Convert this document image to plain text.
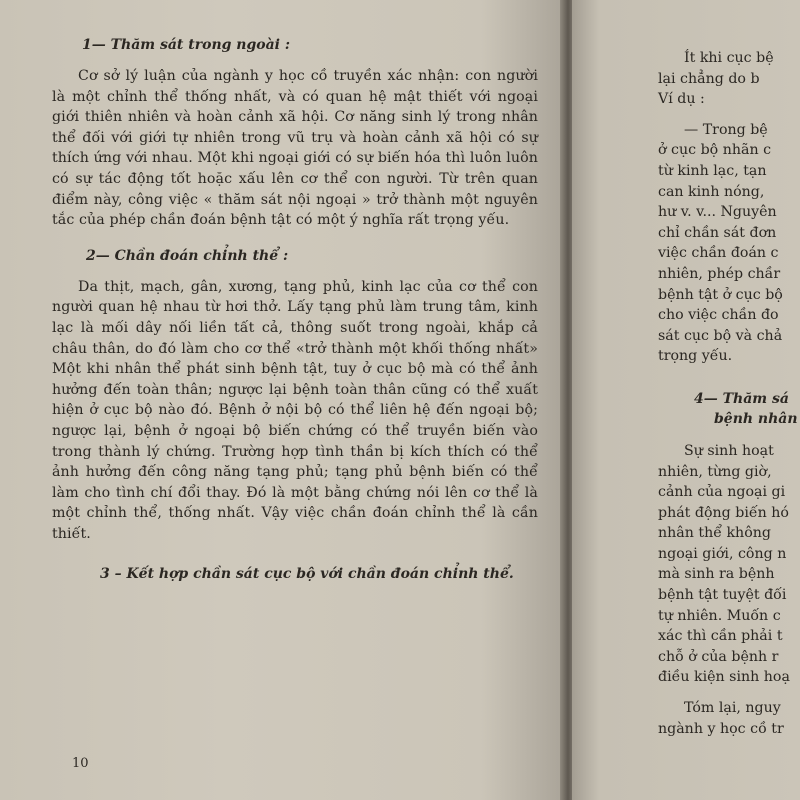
1— Thăm sát trong ngoài :

Cơ sở lý luận của ngành y học cồ truyền xác nhận: con người là một chỉnh thể thống nhất, và có quan hệ mật thiết với ngoại giới thiên nhiên và hoàn cảnh xã hội. Cơ năng sinh lý trong nhân thể đối với giới tự nhiên trong vũ trụ và hoàn cảnh xã hội có sự thích ứng với nhau. Một khi ngoại giới có sự biến hóa thì luôn luôn có sự tác động tốt hoặc xấu lên cơ thể con người. Từ trên quan điểm này, công việc « thăm sát nội ngoại » trở thành một nguyên tắc của phép chần đoán bệnh tật có một ý nghĩa rất trọng yếu.

2— Chần đoán chỉnh thể :

Da thịt, mạch, gân, xương, tạng phủ, kinh lạc của cơ thể con người quan hệ nhau từ hơi thở. Lấy tạng phủ làm trung tâm, kinh lạc là mối dây nối liền tất cả, thông suốt trong ngoài, khắp cả châu thân, do đó làm cho cơ thể «trở thành một khối thống nhất» Một khi nhân thể phát sinh bệnh tật, tuy ở cục bộ mà có thể ảnh hưởng đến toàn thân; ngược lại bệnh toàn thân cũng có thể xuất hiện ở cục bộ nào đó. Bệnh ở nội bộ có thể liên hệ đến ngoại bộ; ngược lại, bệnh ở ngoại bộ biến chứng có thể truyền biến vào trong thành lý chứng. Trường hợp tình thần bị kích thích có thể ảnh hưởng đến công năng tạng phủ; tạng phủ bệnh biến có thể làm cho tình chí đổi thay. Đó là một bằng chứng nói lên cơ thể là một chỉnh thể, thống nhất. Vậy việc chần đoán chỉnh thể là cần thiết.

3 – Kết hợp chần sát cục bộ với chần đoán chỉnh thể.

10

Ít khi cục bệ

lại chẳng do b

Ví dụ :

— Trong bệ

ở cục bộ nhãn c

từ kinh lạc, tạn

can kinh nóng,

hư v. v... Nguyên

chỉ chần sát đơn

việc chần đoán c

nhiên, phép chầr

bệnh tật ở cục bộ

cho việc chần đo

sát cục bộ và chả

trọng yếu.

4— Thăm sá

bệnh nhân

Sự sinh hoạt

nhiên, từng giờ,

cảnh của ngoại gi

phát động biến hó

nhân thể không

ngoại giới, công n

mà sinh ra bệnh

bệnh tật tuyệt đối

tự nhiên. Muốn c

xác thì cần phải t

chỗ ở của bệnh r

điều kiện sinh hoạ

Tóm lại, nguy

ngành y học cồ tr
